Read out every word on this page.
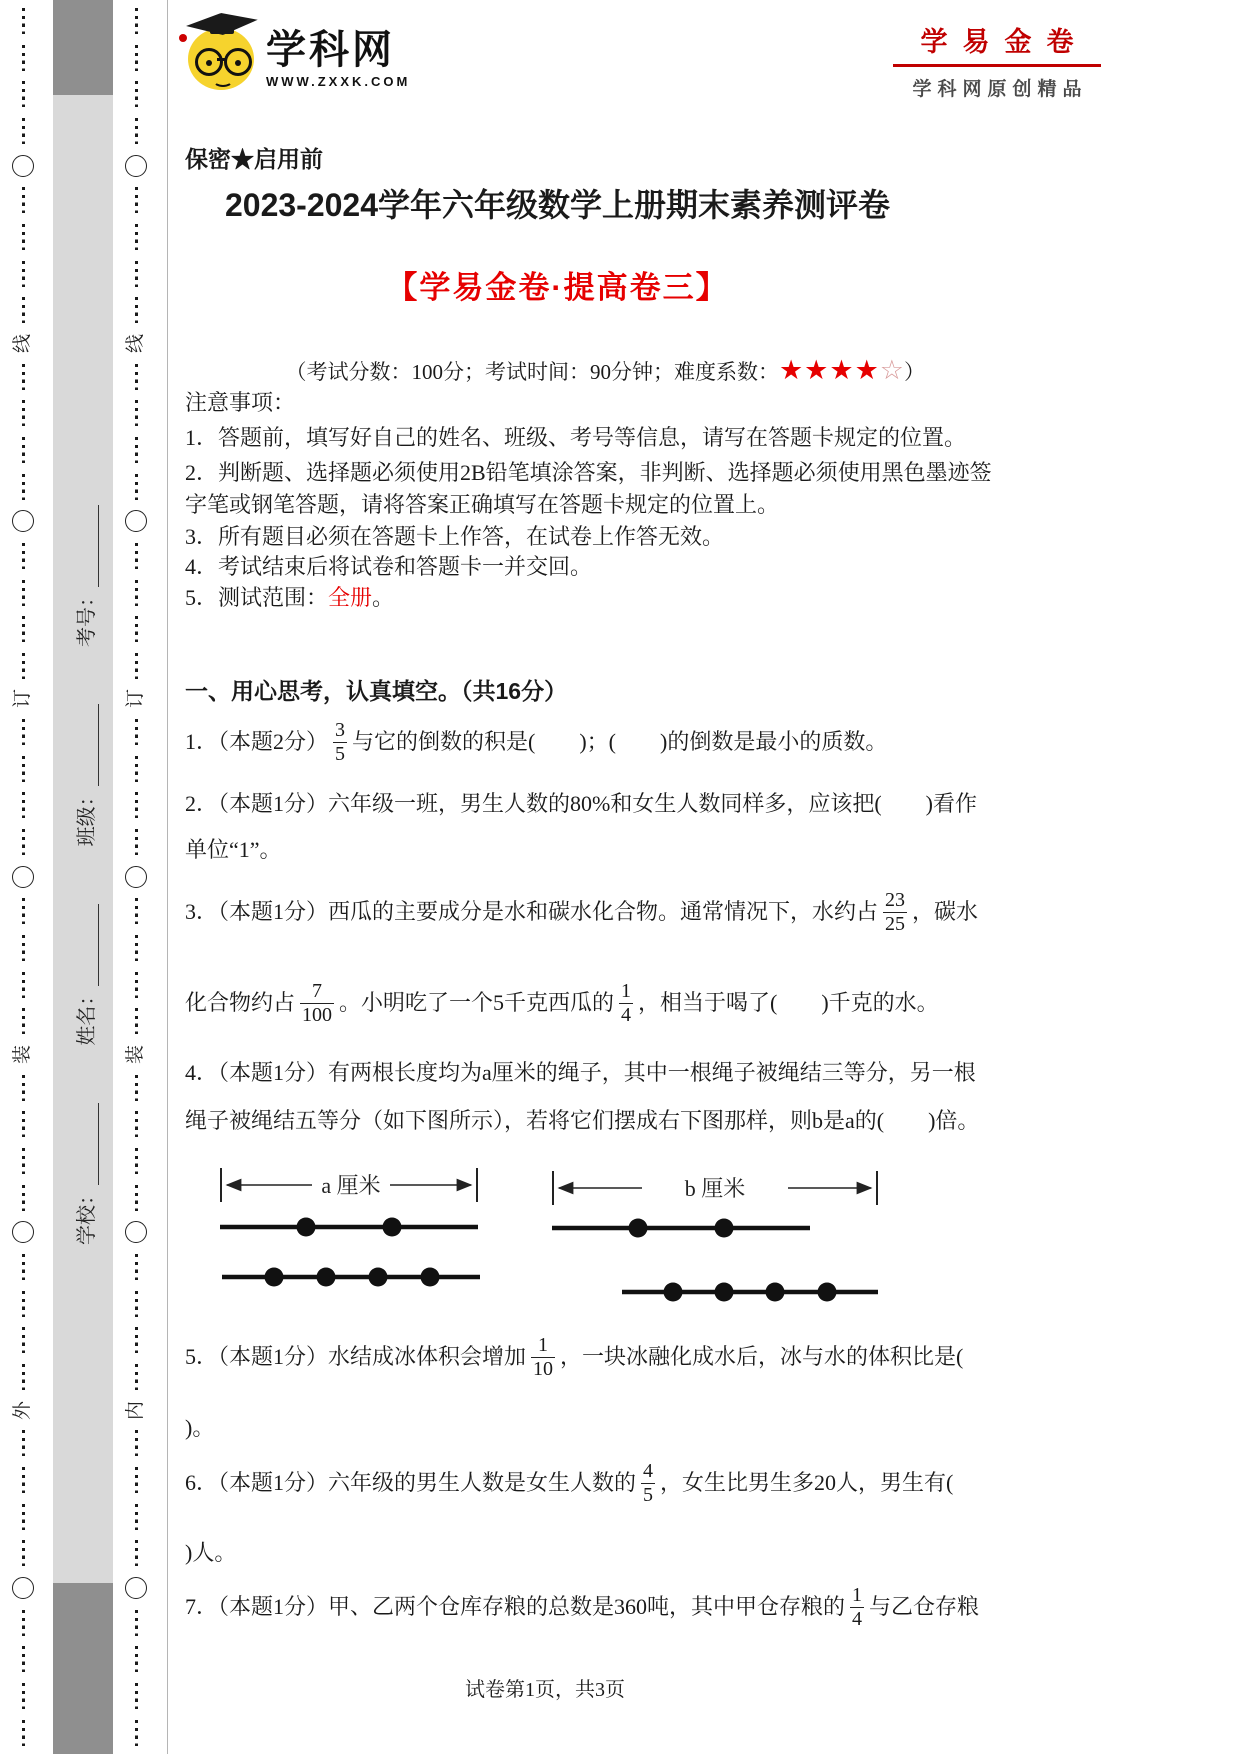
线
订
装
外
线
订
装
内
学校：
姓名：
班级：
考号：
学科网
WWW.ZXXK.COM
学易金卷
学科网原创精品
保密★启用前
2023-2024学年六年级数学上册期末素养测评卷
【学易金卷·提高卷三】

（考试分数：100分；考试时间：90分钟；难度系数：★★★★☆）

注意事项：
1．答题前，填写好自己的姓名、班级、考号等信息，请写在答题卡规定的位置。
2．判断题、选择题必须使用2B铅笔填涂答案，非判断、选择题必须使用黑色墨迹签
字笔或钢笔答题，请将答案正确填写在答题卡规定的位置上。
3．所有题目必须在答题卡上作答，在试卷上作答无效。
4．考试结束后将试卷和答题卡一并交回。
5．测试范围： 全册 。
一、用心思考，认真填空。（共16分）
1．（本题2分） $\frac{3}{5}$ 与它的倒数的积是(        )；(        )的倒数是最小的质数。
2．（本题1分）六年级一班，男生人数的80%和女生人数同样多，应该把(        )看作
单位“1”。
3．（本题1分）西瓜的主要成分是水和碳水化合物。通常情况下，水约占 $\frac{23}{25}$ ，碳水
化合物约占 $\frac{7}{100}$ 。小明吃了一个5千克西瓜的 $\frac{1}{4}$ ，相当于喝了(        )千克的水。
4．（本题1分）有两根长度均为a厘米的绳子，其中一根绳子被绳结三等分，另一根
绳子被绳结五等分（如下图所示），若将它们摆成右下图那样，则b是a的(        )倍。
a 厘米	b 厘米
5．（本题1分）水结成冰体积会增加 $\frac{1}{10}$ ，一块冰融化成水后，冰与水的体积比是(
)。
6．（本题1分）六年级的男生人数是女生人数的 $\frac{4}{5}$ ，女生比男生多20人，男生有(
)人。
7．（本题1分）甲、乙两个仓库存粮的总数是360吨，其中甲仓存粮的 $\frac{1}{4}$ 与乙仓存粮
试卷第1页，共3页
